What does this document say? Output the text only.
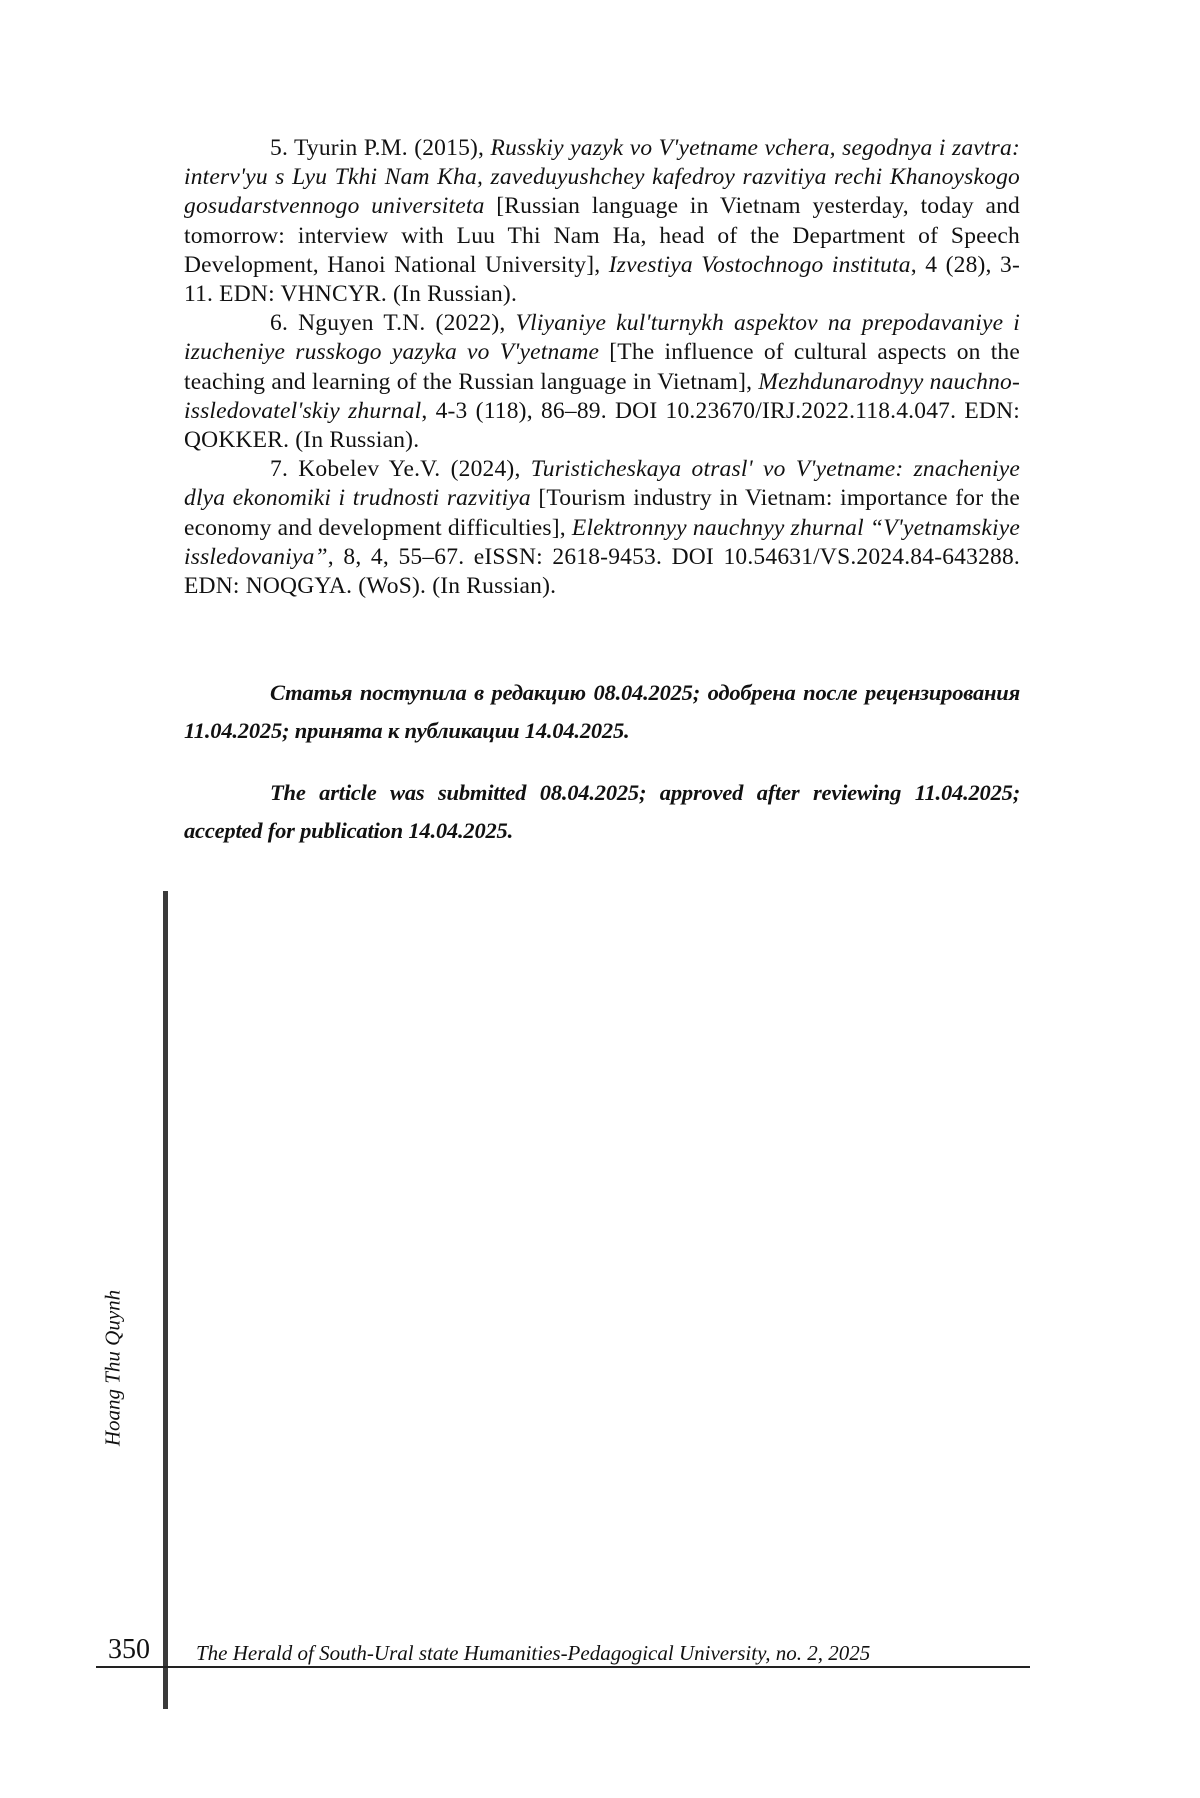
5. Tyurin P.M. (2015), Russkiy yazyk vo V'yetname vchera, segodnya i zavtra: interv'yu s Lyu Tkhi Nam Kha, zaveduyushchey kafedroy razvitiya rechi Khanoyskogo gosudarstvennogo universiteta [Russian language in Vietnam yesterday, today and tomorrow: interview with Luu Thi Nam Ha, head of the Department of Speech Development, Hanoi National University], Izvestiya Vostochnogo instituta, 4 (28), 3-11. EDN: VHNCYR. (In Russian).

6. Nguyen T.N. (2022), Vliyaniye kul'turnykh aspektov na prepodavaniye i izucheniye russkogo yazyka vo V'yetname [The influence of cultural aspects on the teaching and learning of the Russian language in Vietnam], Mezhdunarodnyy nauchno-issledovatel'skiy zhurnal, 4-3 (118), 86–89. DOI 10.23670/IRJ.2022.118.4.047. EDN: QOKKER. (In Russian).

7. Kobelev Ye.V. (2024), Turisticheskaya otrasl' vo V'yetname: znacheniye dlya ekonomiki i trudnosti razvitiya [Tourism industry in Vietnam: importance for the economy and development difficulties], Elektronnyy nauchnyy zhurnal “V'yetnamskiye issledovaniya”, 8, 4, 55–67. eISSN: 2618-9453. DOI 10.54631/VS.2024.84-643288. EDN: NOQGYA. (WoS). (In Russian).

Статья поступила в редакцию 08.04.2025; одобрена после рецензирования 11.04.2025; принята к публикации 14.04.2025.

The article was submitted 08.04.2025; approved after reviewing 11.04.2025; accepted for publication 14.04.2025.

Hoang Thu Quynh
350 The Herald of South-Ural state Humanities-Pedagogical University, no. 2, 2025
